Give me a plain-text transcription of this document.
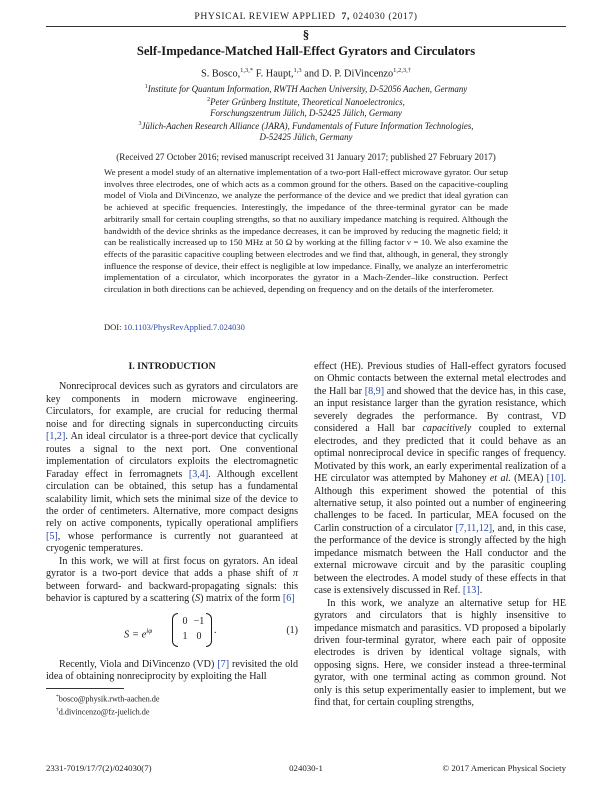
PHYSICAL REVIEW APPLIED 7, 024030 (2017)
§
Self-Impedance-Matched Hall-Effect Gyrators and Circulators
S. Bosco,$^{1,3,*}$ F. Haupt,$^{1,3}$ and D. P. DiVincenzo$^{1,2,3,\dagger}$
$^1$Institute for Quantum Information, RWTH Aachen University, D-52056 Aachen, Germany
$^2$Peter Grünberg Institute, Theoretical Nanoelectronics,
Forschungszentrum Jülich, D-52425 Jülich, Germany
$^3$Jülich-Aachen Research Alliance (JARA), Fundamentals of Future Information Technologies,
D-52425 Jülich, Germany
(Received 27 October 2016; revised manuscript received 31 January 2017; published 27 February 2017)
We present a model study of an alternative implementation of a two-port Hall-effect microwave gyrator. Our setup involves three electrodes, one of which acts as a common ground for the others. Based on the capacitive-coupling model of Viola and DiVincenzo, we analyze the performance of the device and we predict that ideal gyration can be achieved at specific frequencies. Interestingly, the impedance of the three-terminal gyrator can be made arbitrarily small for certain coupling strengths, so that no auxiliary impedance matching is required. Although the bandwidth of the device shrinks as the impedance decreases, it can be improved by reducing the magnetic field; it can be realistically increased up to 150 MHz at 50 Ω by working at the filling factor ν = 10. We also examine the effects of the parasitic capacitive coupling between electrodes and we find that, although, in general, they strongly influence the response of device, their effect is negligible at low impedance. Finally, we analyze an interferometric implementation of a circulator, which incorporates the gyrator in a Mach-Zender–like construction. Perfect circulation in both directions can be achieved, depending on frequency and on the details of the interferometer.
DOI: 10.1103/PhysRevApplied.7.024030
I. INTRODUCTION

Nonreciprocal devices such as gyrators and circulators are key components in modern microwave engineering. Circulators, for example, are crucial for reducing thermal noise and for directing signals in superconducting circuits [1,2]. An ideal circulator is a three-port device that cyclically routes a signal to the next port. One conventional implementation of circulators exploits the electromagnetic Faraday effect in ferromagnets [3,4]. Although excellent circulation can be obtained, this setup has a fundamental scalability limit, which sets the minimal size of the device to the order of centimeters. Alternative, more compact designs rely on active components, typically operational amplifiers [5], whose performance is currently not guaranteed at cryogenic temperatures.

In this work, we will at first focus on gyrators. An ideal gyrator is a two-port device that adds a phase shift of π between forward- and backward-propagating signals: this behavior is captured by a scattering (S) matrix of the form [6]

$S = e^{i\varphi}$
0 −1
1 0
.	(1)

Recently, Viola and DiVincenzo (VD) [7] revisited the old idea of obtaining nonreciprocity by exploiting the Hall

effect (HE). Previous studies of Hall-effect gyrators focused on Ohmic contacts between the external metal electrodes and the Hall bar [8,9] and showed that the device has, in this case, an input resistance larger than the gyration resistance, which severely degrades the performance. By contrast, VD considered a Hall bar capacitively coupled to external electrodes, and they predicted that it could behave as an optimal nonreciprocal device in specific ranges of frequency. Motivated by this work, an early experimental realization of a HE circulator was attempted by Mahoney et al. (MEA) [10]. Although this experiment showed the potential of this alternative setup, it also pointed out a number of engineering challenges to be faced. In particular, MEA focused on the Carlin construction of a circulator [7,11,12], and, in this case, the performance of the device is strongly affected by the high impedance mismatch between the Hall conductor and the external microwave circuit and by the parasitic coupling between the electrodes. A model study of these effects in that case is extensively discussed in Ref. [13].

In this work, we analyze an alternative setup for HE gyrators and circulators that is highly insensitive to impedance mismatch and parasitics. VD proposed a bipolarly driven four-terminal gyrator, where each pair of opposite electrodes is driven by identical voltage signals, with opposing signs. Here, we consider instead a three-terminal gyrator, with one terminal acting as common ground. Not only is this setup experimentally easier to implement, but we find that, for certain coupling strengths,

*bosco@physik.rwth-aachen.de
†d.divincenzo@fz-juelich.de
2331-7019/17/7(2)/024030(7)	024030-1	© 2017 American Physical Society
